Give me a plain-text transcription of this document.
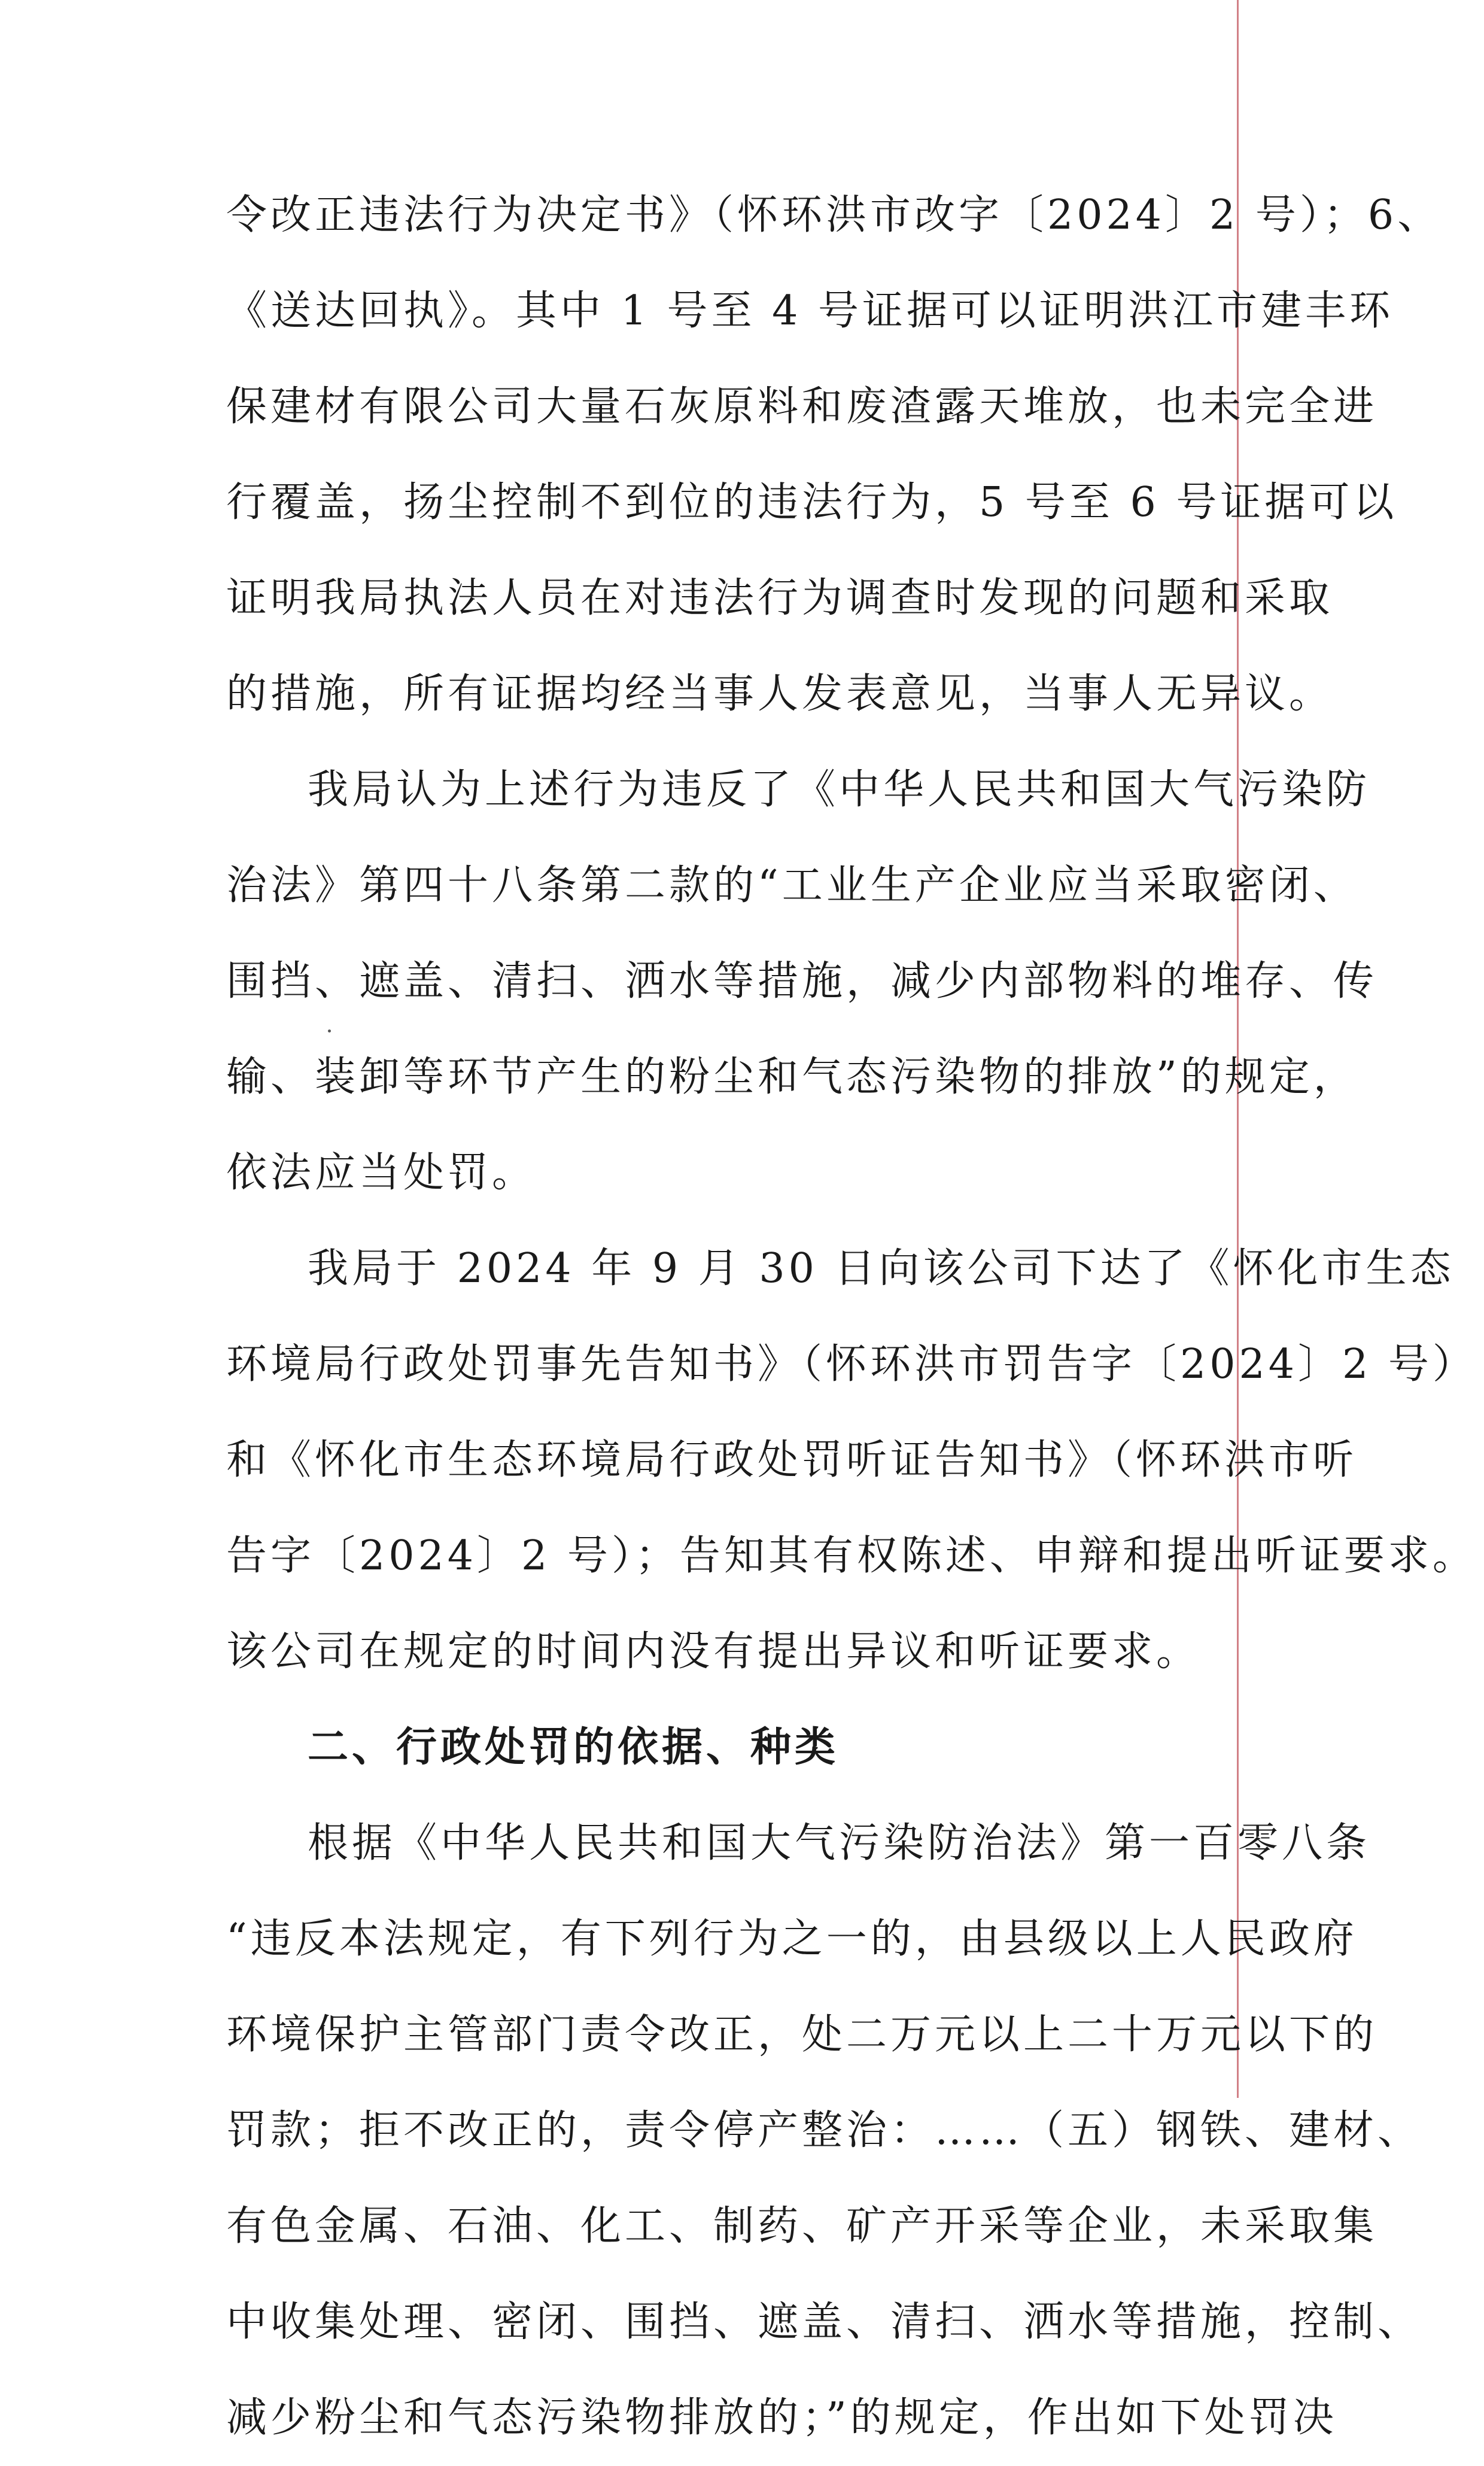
令改正违法行为决定书》（怀环洪市改字〔2024〕2 号）；6、
《送达回执》。其中 1 号至 4 号证据可以证明洪江市建丰环
保建材有限公司大量石灰原料和废渣露天堆放，也未完全进
行覆盖，扬尘控制不到位的违法行为，5 号至 6 号证据可以
证明我局执法人员在对违法行为调查时发现的问题和采取
的措施，所有证据均经当事人发表意见，当事人无异议。
我局认为上述行为违反了《中华人民共和国大气污染防
治法》第四十八条第二款的“工业生产企业应当采取密闭、
围挡、遮盖、清扫、洒水等措施，减少内部物料的堆存、传
输、装卸等环节产生的粉尘和气态污染物的排放”的规定，
依法应当处罚。
我局于 2024 年 9 月 30 日向该公司下达了《怀化市生态
环境局行政处罚事先告知书》（怀环洪市罚告字〔2024〕2 号）
和《怀化市生态环境局行政处罚听证告知书》（怀环洪市听
告字〔2024〕2 号）；告知其有权陈述、申辩和提出听证要求。
该公司在规定的时间内没有提出异议和听证要求。
二、行政处罚的依据、种类
根据《中华人民共和国大气污染防治法》第一百零八条
“违反本法规定，有下列行为之一的，由县级以上人民政府
环境保护主管部门责令改正，处二万元以上二十万元以下的
罚款；拒不改正的，责令停产整治：……（五）钢铁、建材、
有色金属、石油、化工、制药、矿产开采等企业，未采取集
中收集处理、密闭、围挡、遮盖、清扫、洒水等措施，控制、
减少粉尘和气态污染物排放的；”的规定，作出如下处罚决
